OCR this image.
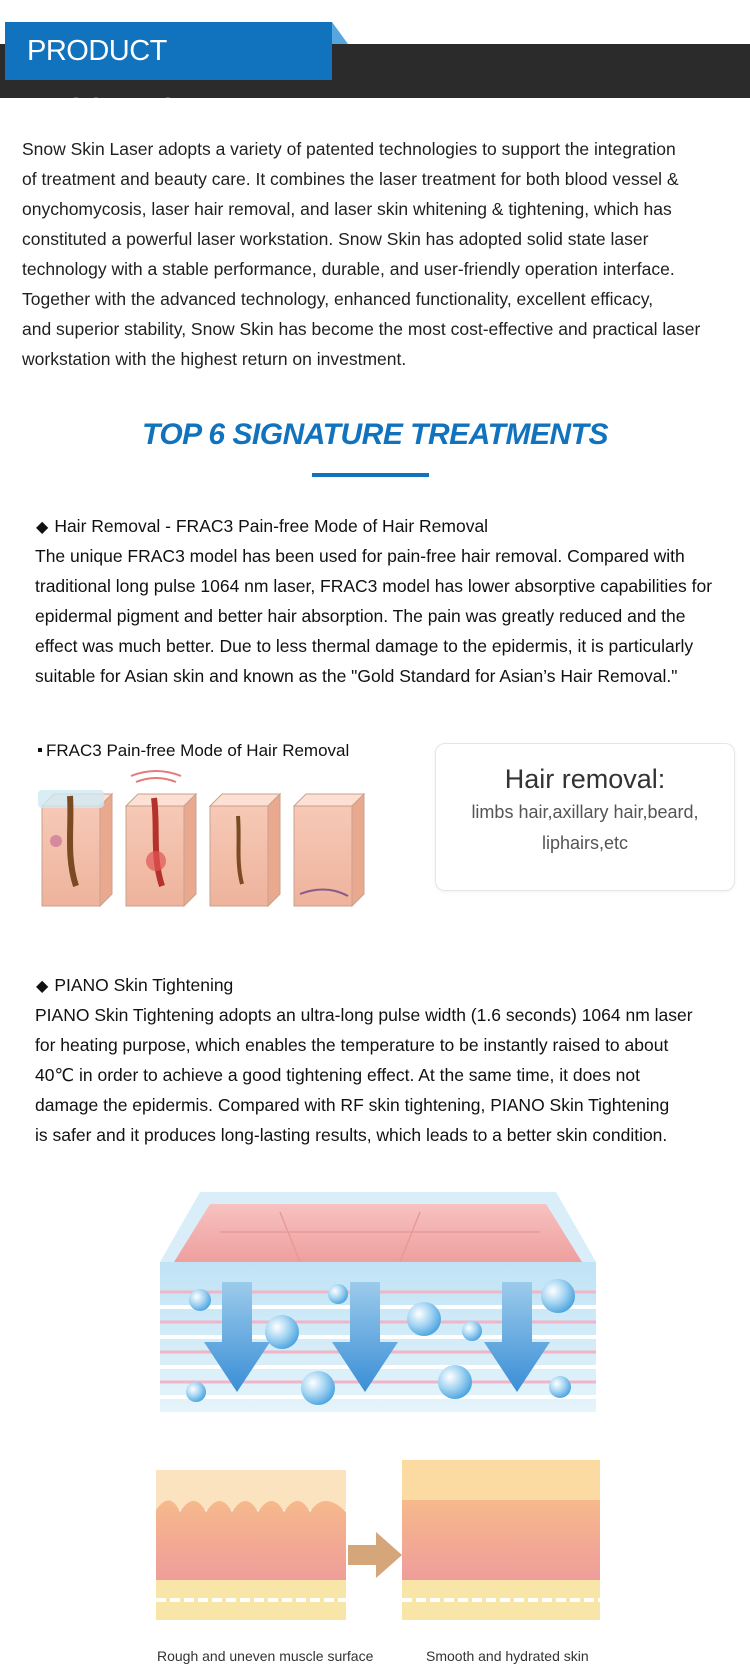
PRODUCT DESCIPTION
Snow Skin Laser adopts a variety of patented technologies to support the integration
of treatment and beauty care. It combines the laser treatment for both blood vessel &
onychomycosis, laser hair removal, and laser skin whitening & tightening, which has
constituted a powerful laser workstation. Snow Skin has adopted solid state laser
technology with a stable performance, durable, and user-friendly operation interface.
Together with the advanced technology, enhanced functionality, excellent efficacy,
and superior stability, Snow Skin has become the most cost-effective and practical laser
workstation with the highest return on investment.
TOP 6 SIGNATURE TREATMENTS
◆ Hair Removal - FRAC3 Pain-free Mode of Hair Removal
The unique FRAC3 model has been used for pain-free hair removal. Compared with
traditional long pulse 1064 nm laser, FRAC3 model has lower absorptive capabilities for
epidermal pigment and better hair absorption. The pain was greatly reduced and the
effect was much better. Due to less thermal damage to the epidermis, it is particularly
suitable for Asian skin and known as the "Gold Standard for Asian’s Hair Removal."
FRAC3 Pain-free Mode of Hair Removal
Hair removal:
limbs hair,axillary hair,beard,
liphairs,etc
◆ PIANO Skin Tightening
PIANO Skin Tightening adopts an ultra-long pulse width (1.6 seconds) 1064 nm laser
for heating purpose, which enables the temperature to be instantly raised to about
40℃ in order to achieve a good tightening effect. At the same time, it does not
damage the epidermis. Compared with RF skin tightening, PIANO Skin Tightening
is safer and it produces long-lasting results, which leads to a better skin condition.
Rough and uneven muscle surface	Smooth and hydrated skin
